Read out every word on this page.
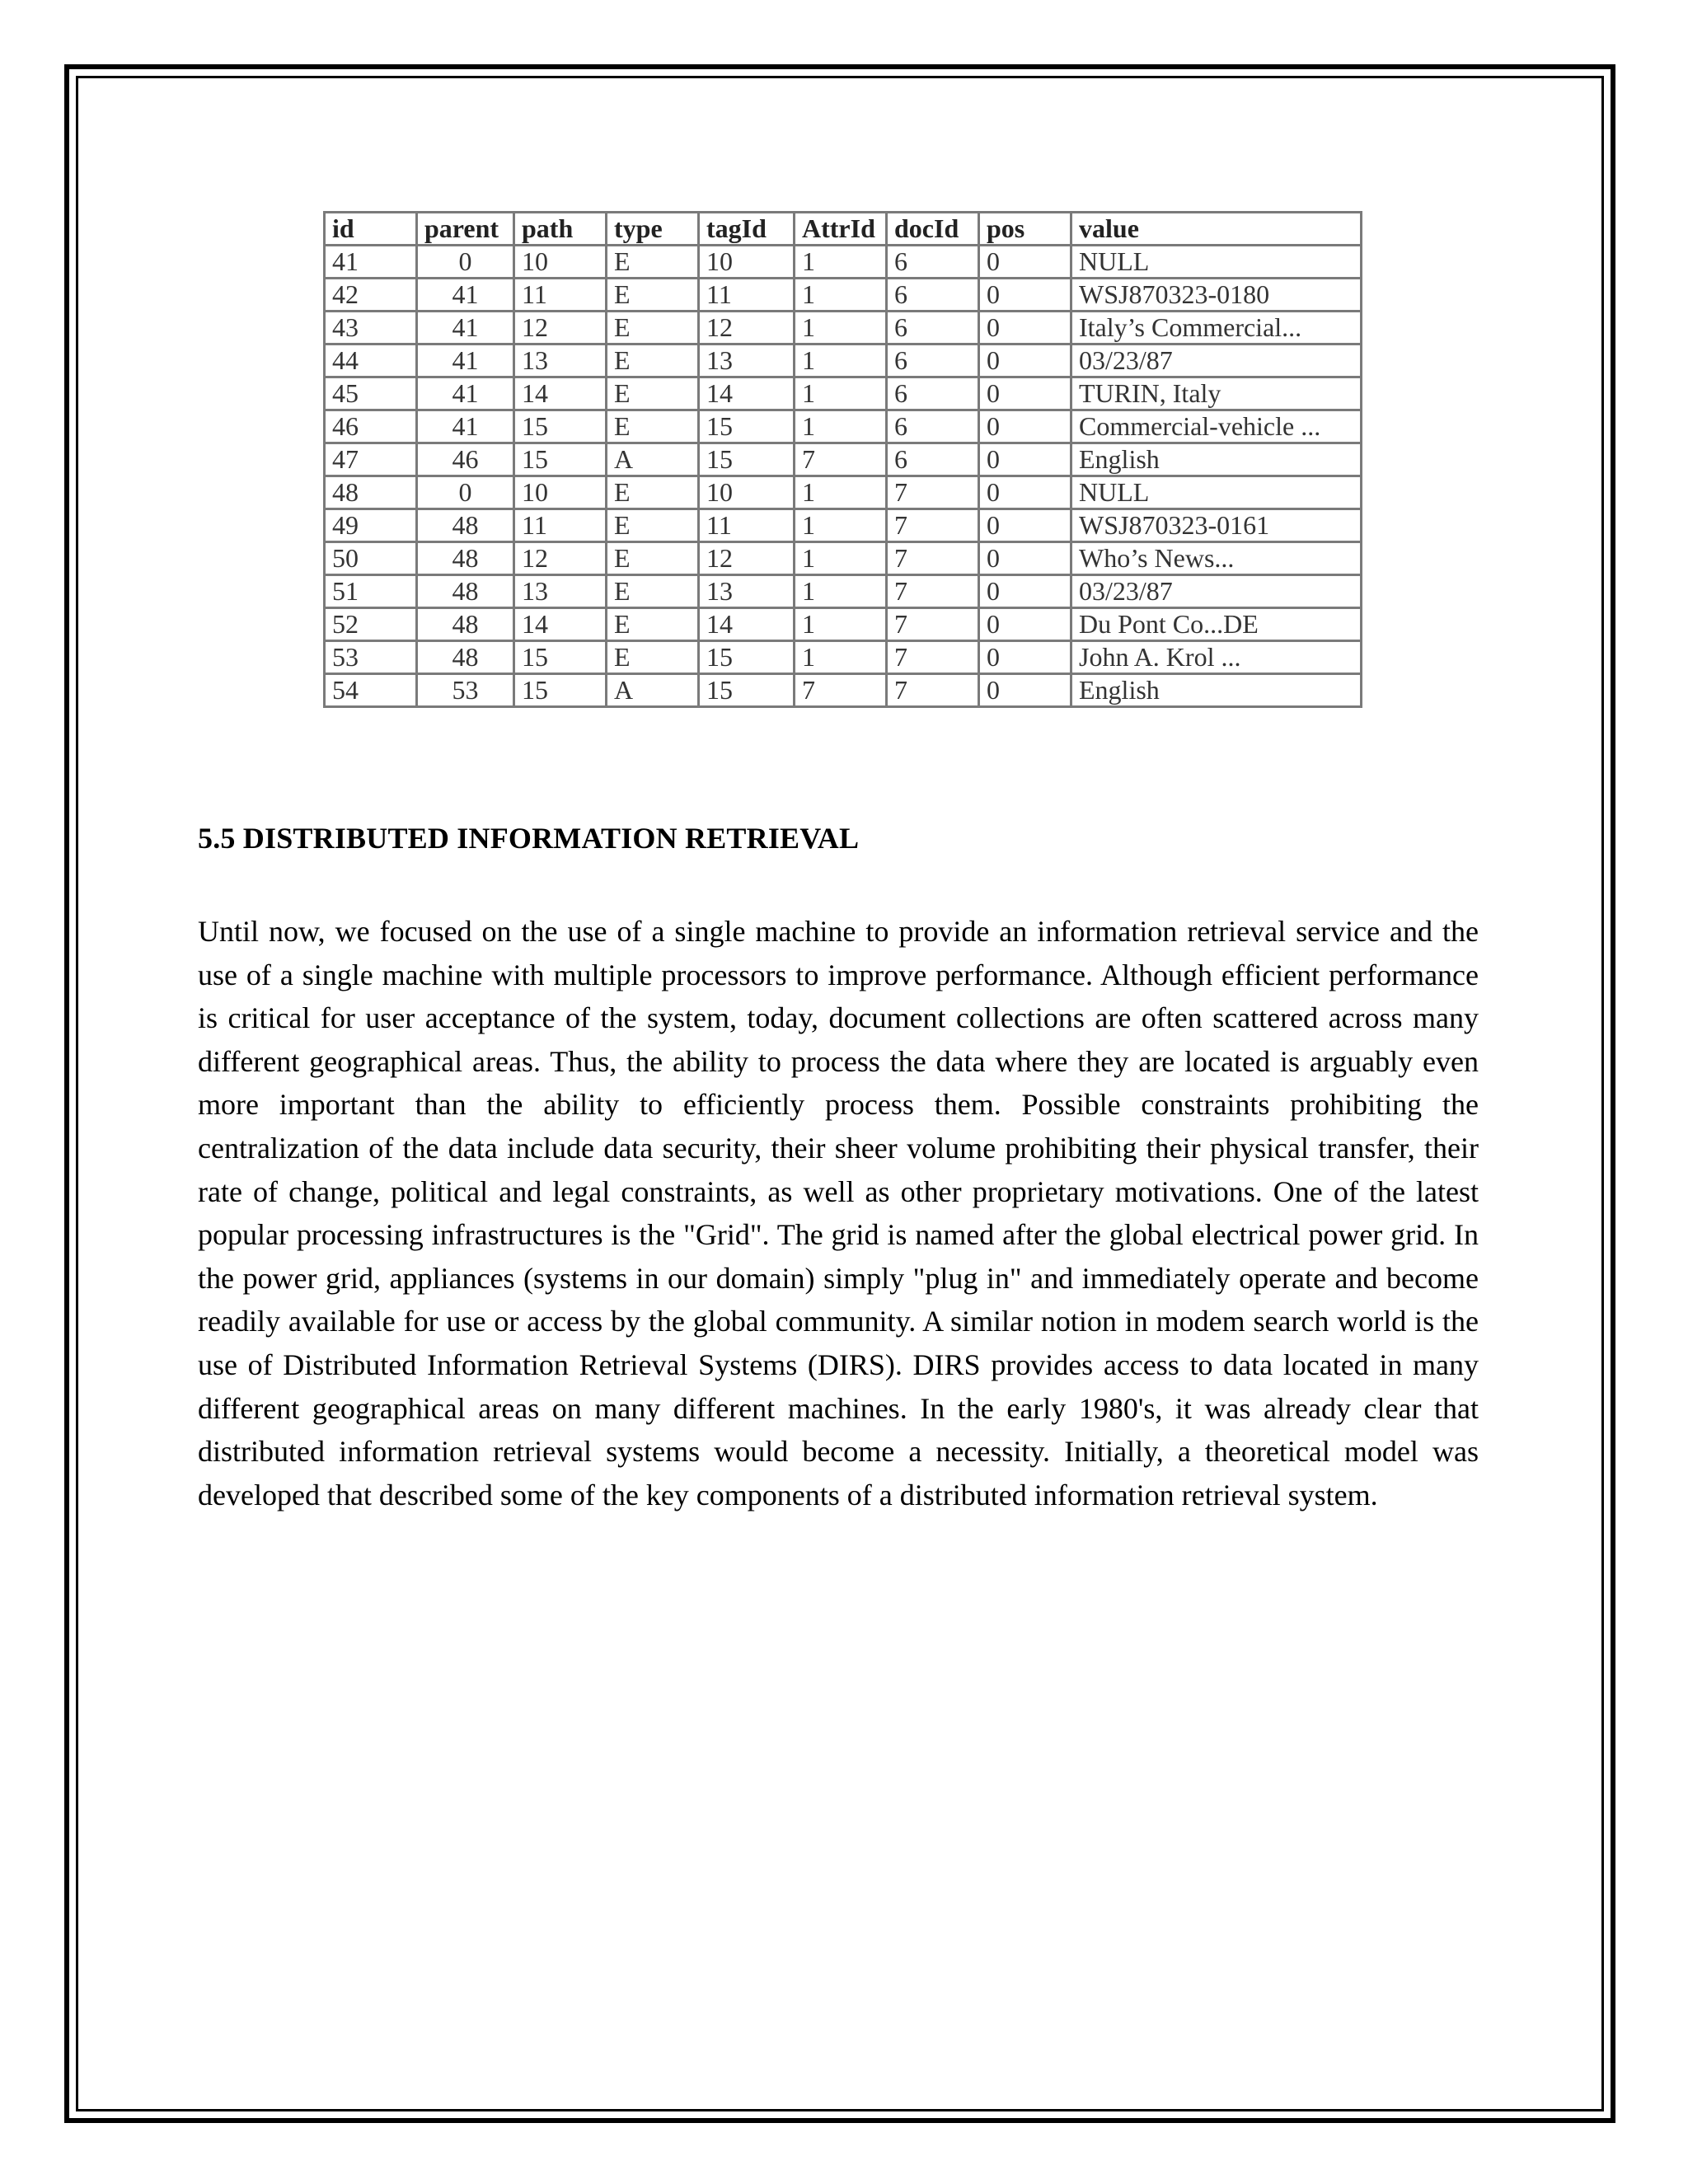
id	parent	path	type	tagId	AttrId	docId	pos	value
41	0	10	E	10	1	6	0	NULL
42	41	11	E	11	1	6	0	WSJ870323-0180
43	41	12	E	12	1	6	0	Italy’s Commercial...
44	41	13	E	13	1	6	0	03/23/87
45	41	14	E	14	1	6	0	TURIN, Italy
46	41	15	E	15	1	6	0	Commercial-vehicle ...
47	46	15	A	15	7	6	0	English
48	0	10	E	10	1	7	0	NULL
49	48	11	E	11	1	7	0	WSJ870323-0161
50	48	12	E	12	1	7	0	Who’s News...
51	48	13	E	13	1	7	0	03/23/87
52	48	14	E	14	1	7	0	Du Pont Co...DE
53	48	15	E	15	1	7	0	John A. Krol ...
54	53	15	A	15	7	7	0	English
5.5 DISTRIBUTED INFORMATION RETRIEVAL

Until now, we focused on the use of a single machine to provide an information retrieval service and the use of a single machine with multiple processors to improve performance. Although efficient performance is critical for user acceptance of the system, today, document collections are often scattered across many different geographical areas. Thus, the ability to process the data where they are located is arguably even more important than the ability to efficiently process them. Possible constraints prohibiting the centralization of the data include data security, their sheer volume prohibiting their physical transfer, their rate of change, political and legal constraints, as well as other proprietary motivations. One of the latest popular processing infrastructures is the "Grid". The grid is named after the global electrical power grid. In the power grid, appliances (systems in our domain) simply "plug in" and immediately operate and become readily available for use or access by the global community. A similar notion in modem search world is the use of Distributed Information Retrieval Systems (DIRS). DIRS provides access to data located in many different geographical areas on many different machines. In the early 1980's, it was already clear that distributed information retrieval systems would become a necessity. Initially, a theoretical model was developed that described some of the key components of a distributed information retrieval system.
